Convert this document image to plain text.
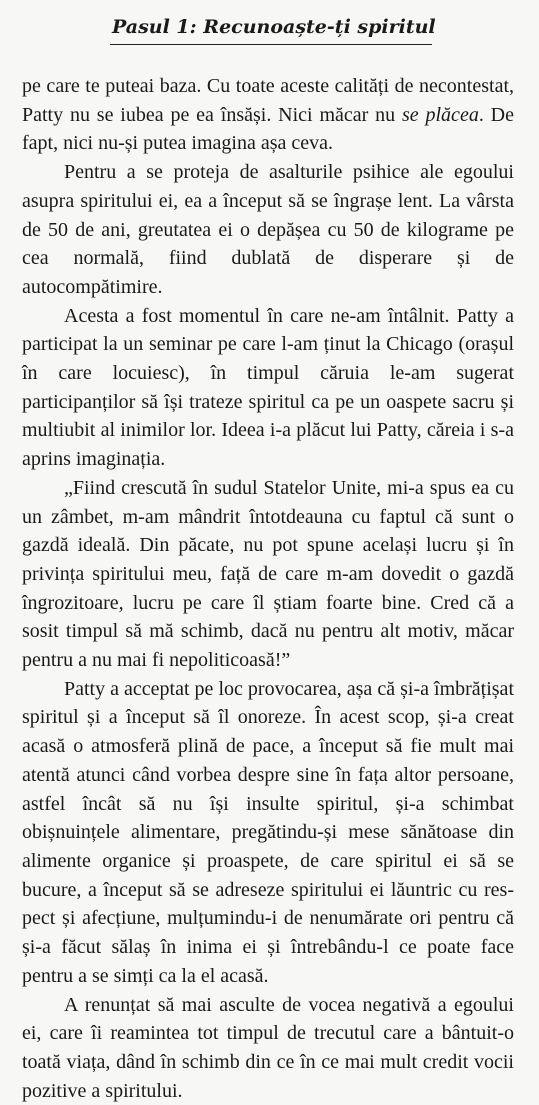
Pasul 1: Recunoaște-ți spiritul

pe care te puteai baza. Cu toate aceste calități de necontestat, Patty nu se iubea pe ea însăși. Nici măcar nu se plăcea. De fapt, nici nu-și putea imagina așa ceva.

Pentru a se proteja de asalturile psihice ale egoului asupra spiritului ei, ea a început să se îngrașe lent. La vârsta de 50 de ani, greutatea ei o depășea cu 50 de kilograme pe cea normală, fiind dublată de disperare și de autocompătimire.

Acesta a fost momentul în care ne-am întâlnit. Patty a participat la un seminar pe care l-am ținut la Chicago (orașul în care locuiesc), în timpul căruia le-am sugerat participanților să își trateze spiritul ca pe un oaspete sacru și multiubit al inimilor lor. Ideea i-a plăcut lui Patty, căreia i s-a aprins imaginația.

„Fiind crescută în sudul Statelor Unite, mi-a spus ea cu un zâmbet, m-am mândrit întotdeauna cu faptul că sunt o gazdă ideală. Din păcate, nu pot spune același lucru și în privința spiritului meu, față de care m-am dovedit o gazdă îngrozitoare, lucru pe care îl știam foarte bine. Cred că a sosit timpul să mă schimb, dacă nu pentru alt motiv, măcar pentru a nu mai fi nepoliticoasă!”

Patty a acceptat pe loc provocarea, așa că și-a îmbrățișat spiritul și a început să îl onoreze. În acest scop, și-a creat acasă o atmosferă plină de pace, a început să fie mult mai atentă atunci când vorbea despre sine în fața altor persoane, astfel încât să nu își insulte spiritul, și-a schimbat obișnuințele alimentare, pregătindu-și mese sănătoase din alimente organice și proaspete, de care spiritul ei să se bucure, a început să se adreseze spiritului ei lăuntric cu respect și afecțiune, mulțumindu-i de nenumărate ori pentru că și-a făcut sălaș în inima ei și întrebându-l ce poate face pentru a se simți ca la el acasă.

A renunțat să mai asculte de vocea negativă a egoului ei, care îi reamintea tot timpul de trecutul care a bântuit-o toată viața, dând în schimb din ce în ce mai mult credit vocii pozitive a spiritului.
